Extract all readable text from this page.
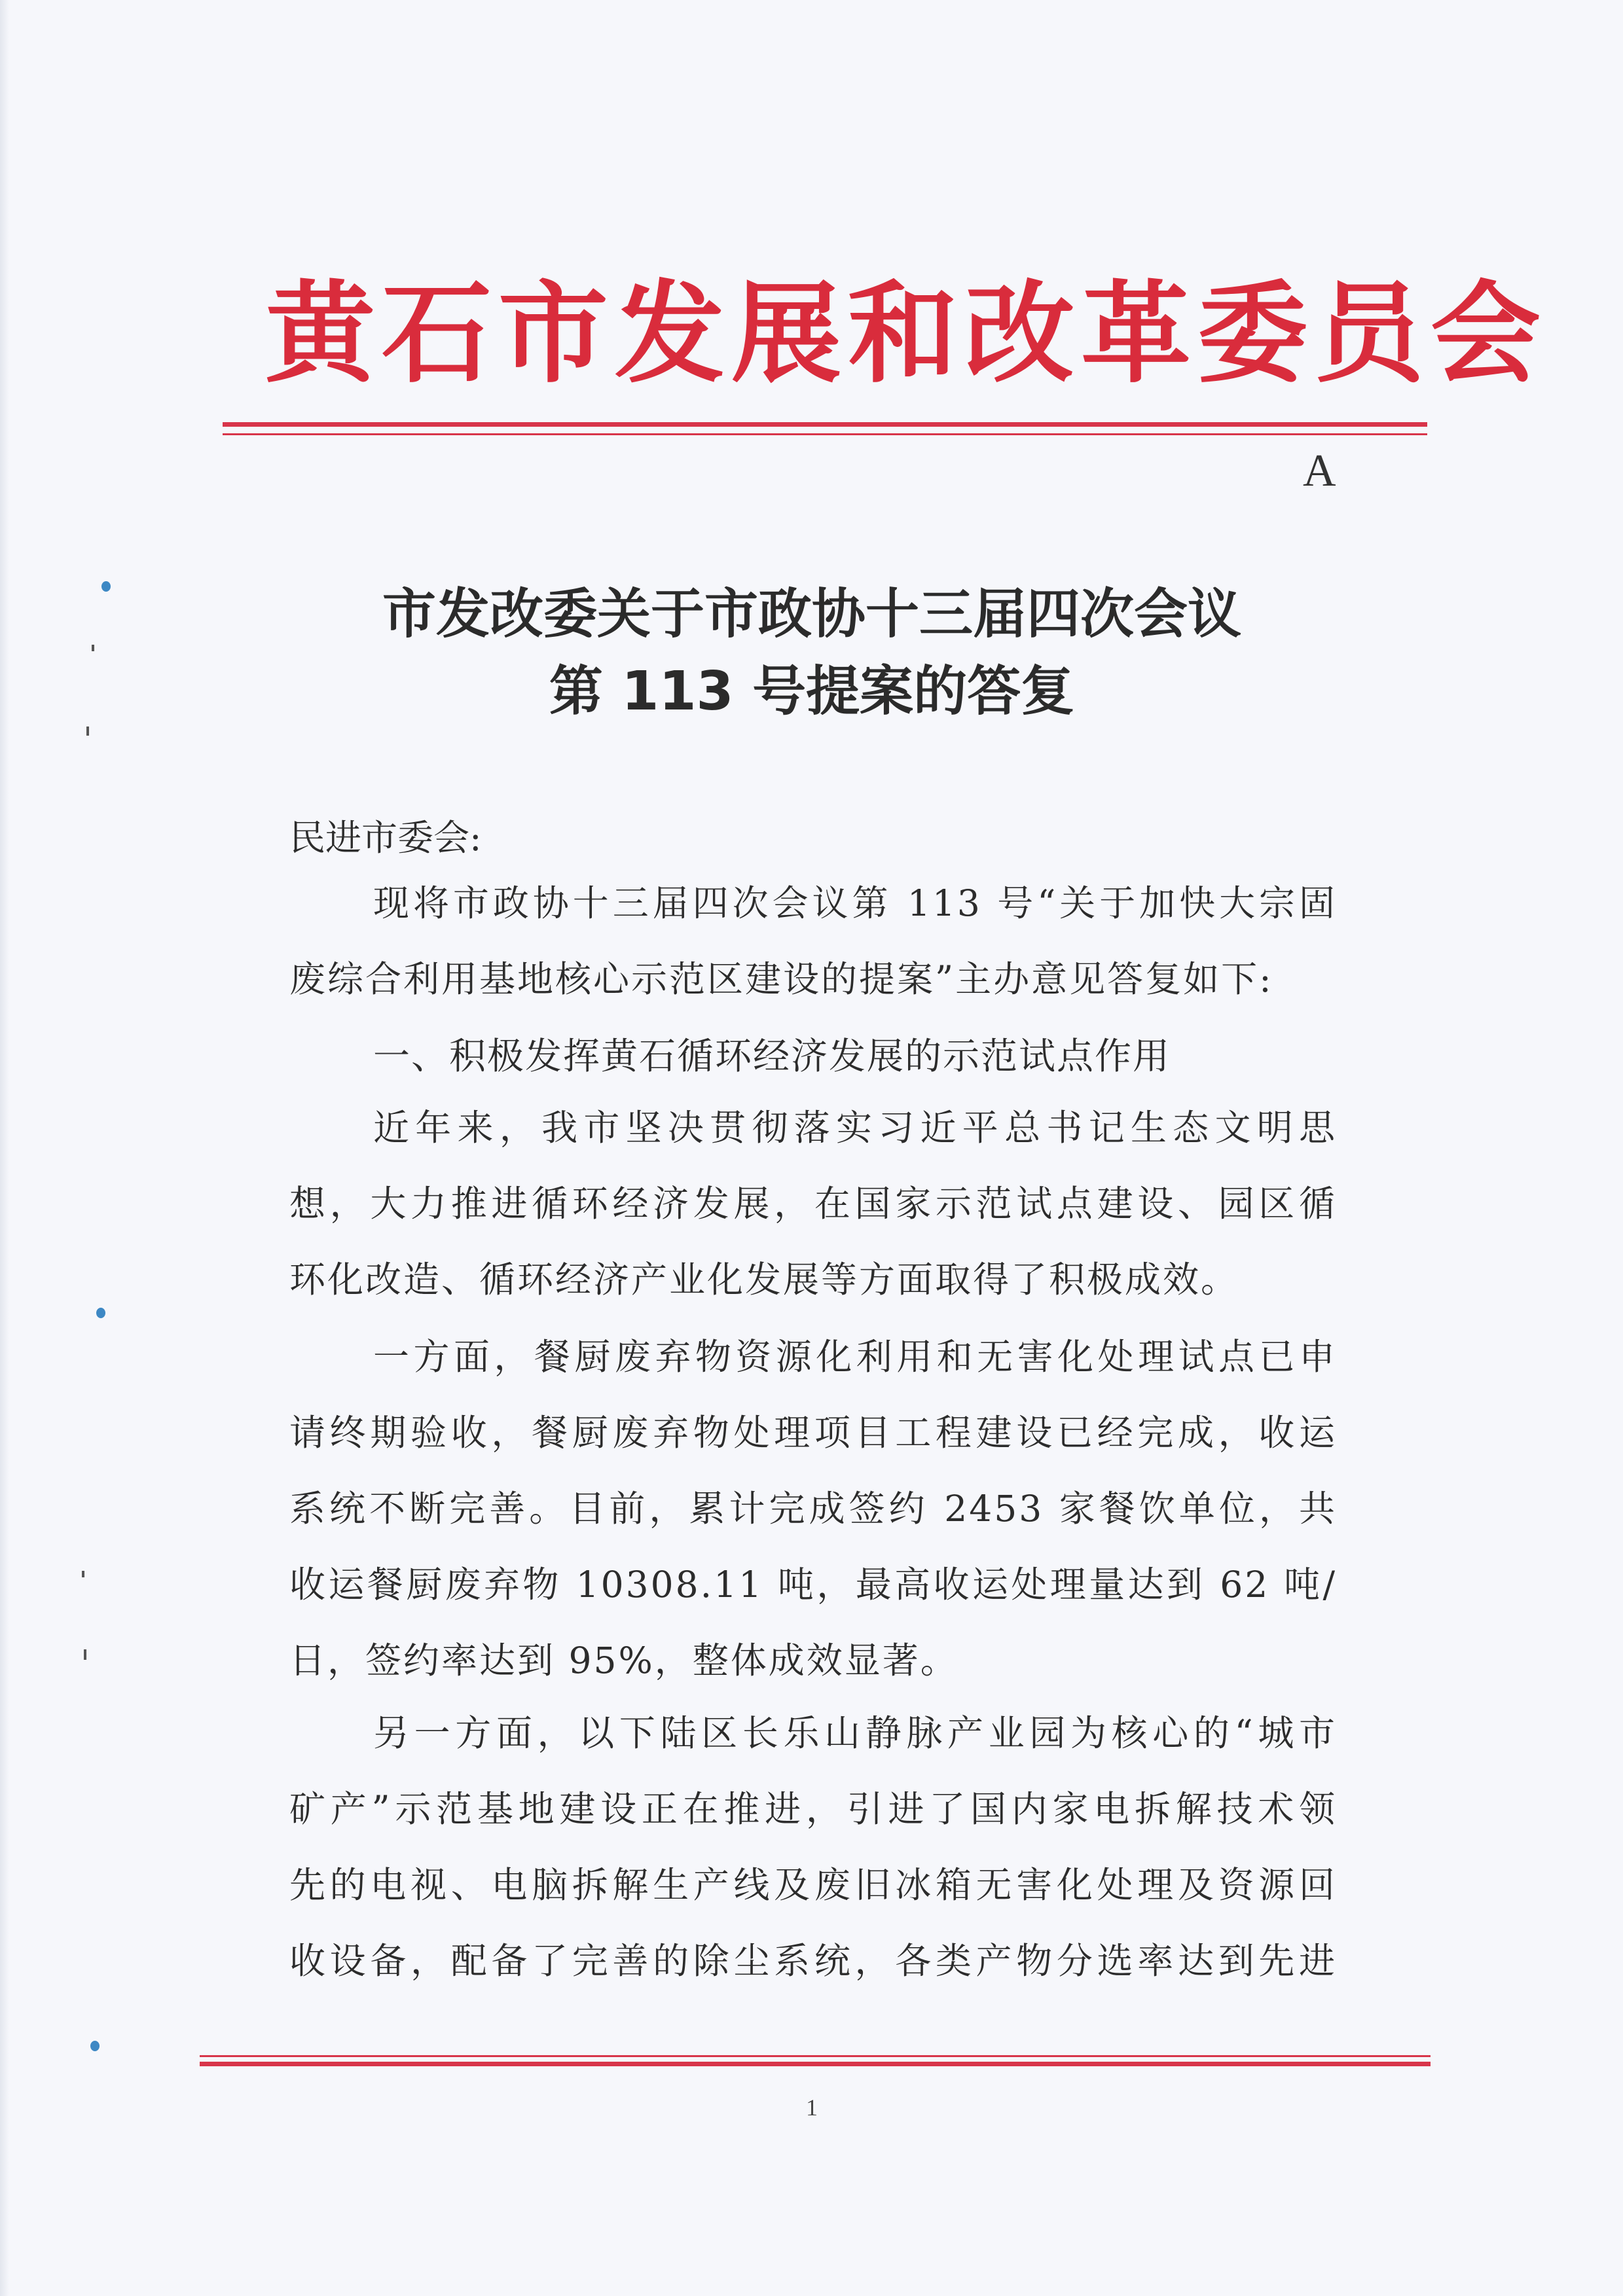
黄石市发展和改革委员会
A
市发改委关于市政协十三届四次会议
第 113 号提案的答复
民进市委会:
现将市政协十三届四次会议第 113 号“关于加快大宗固
废综合利用基地核心示范区建设的提案”主办意见答复如下:
一、积极发挥黄石循环经济发展的示范试点作用
近年来，我市坚决贯彻落实习近平总书记生态文明思
想，大力推进循环经济发展，在国家示范试点建设、园区循
环化改造、循环经济产业化发展等方面取得了积极成效。
一方面，餐厨废弃物资源化利用和无害化处理试点已申
请终期验收，餐厨废弃物处理项目工程建设已经完成，收运
系统不断完善。目前，累计完成签约 2453 家餐饮单位，共
收运餐厨废弃物 10308.11 吨，最高收运处理量达到 62 吨/
日，签约率达到 95%，整体成效显著。
另一方面，以下陆区长乐山静脉产业园为核心的“城市
矿产”示范基地建设正在推进，引进了国内家电拆解技术领
先的电视、电脑拆解生产线及废旧冰箱无害化处理及资源回
收设备，配备了完善的除尘系统，各类产物分选率达到先进
1
